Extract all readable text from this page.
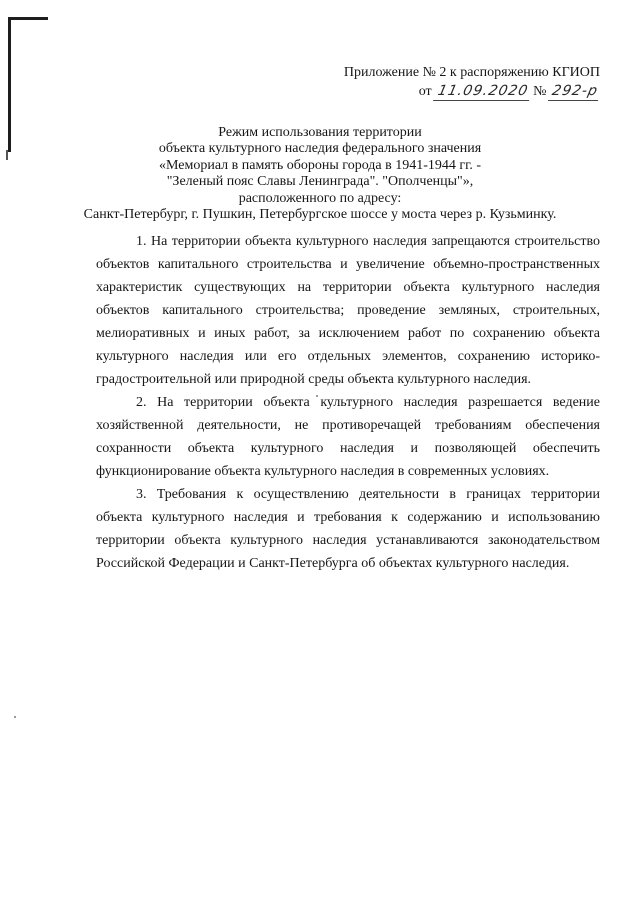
Приложение № 2 к распоряжению КГИОП
от 11.09.2020 № 292-р
Режим использования территории
объекта культурного наследия федерального значения
«Мемориал в память обороны города в 1941-1944 гг. -
"Зеленый пояс Славы Ленинграда". "Ополченцы"»,
расположенного по адресу:
Санкт-Петербург, г. Пушкин, Петербургское шоссе у моста через р. Кузьминку.

1. На территории объекта культурного наследия запрещаются строительство объектов капитального строительства и увеличение объемно-пространственных характеристик существующих на территории объекта культурного наследия объектов капитального строительства; проведение земляных, строительных, мелиоративных и иных работ, за исключением работ по сохранению объекта культурного наследия или его отдельных элементов, сохранению историко-градостроительной или природной среды объекта культурного наследия.

2. На территории объекта культурного наследия разрешается ведение хозяйственной деятельности, не противоречащей требованиям обеспечения сохранности объекта культурного наследия и позволяющей обеспечить функционирование объекта культурного наследия в современных условиях.

3. Требования к осуществлению деятельности в границах территории объекта культурного наследия и требования к содержанию и использованию территории объекта культурного наследия устанавливаются законодательством Российской Федерации и Санкт-Петербурга об объектах культурного наследия.
